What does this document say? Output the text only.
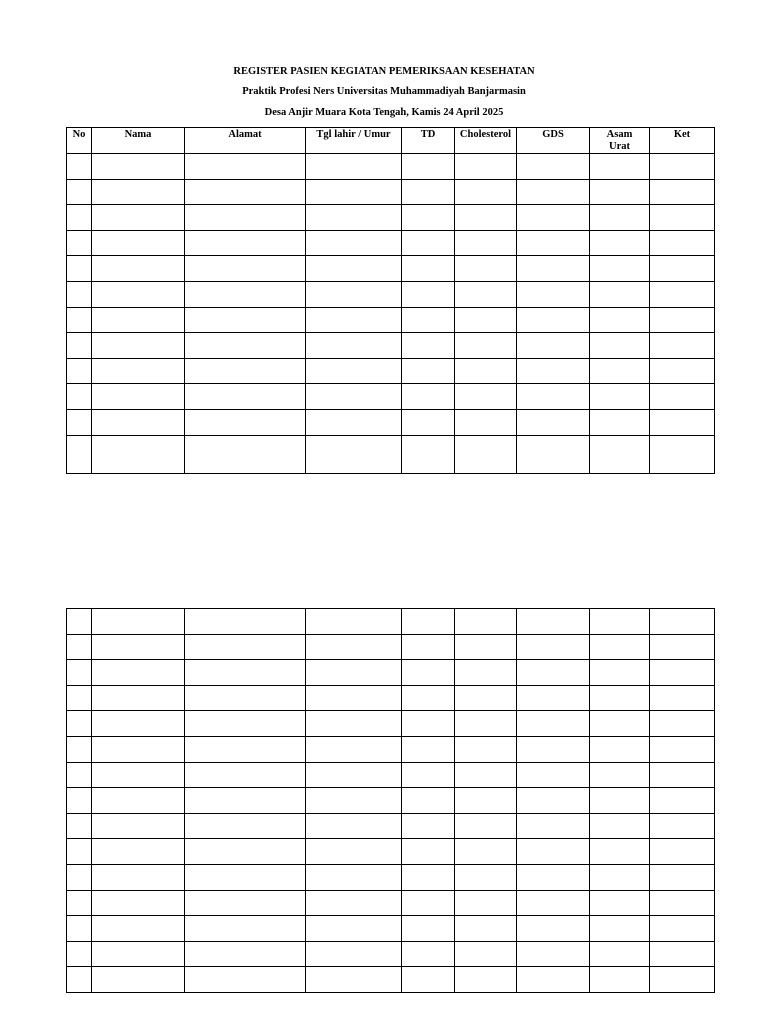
REGISTER PASIEN KEGIATAN PEMERIKSAAN KESEHATAN
Praktik Profesi Ners Universitas Muhammadiyah Banjarmasin
Desa Anjir Muara Kota Tengah, Kamis 24 April 2025
No	Nama	Alamat	Tgl lahir / Umur	TD	Cholesterol	GDS	Asam Urat	Ket
